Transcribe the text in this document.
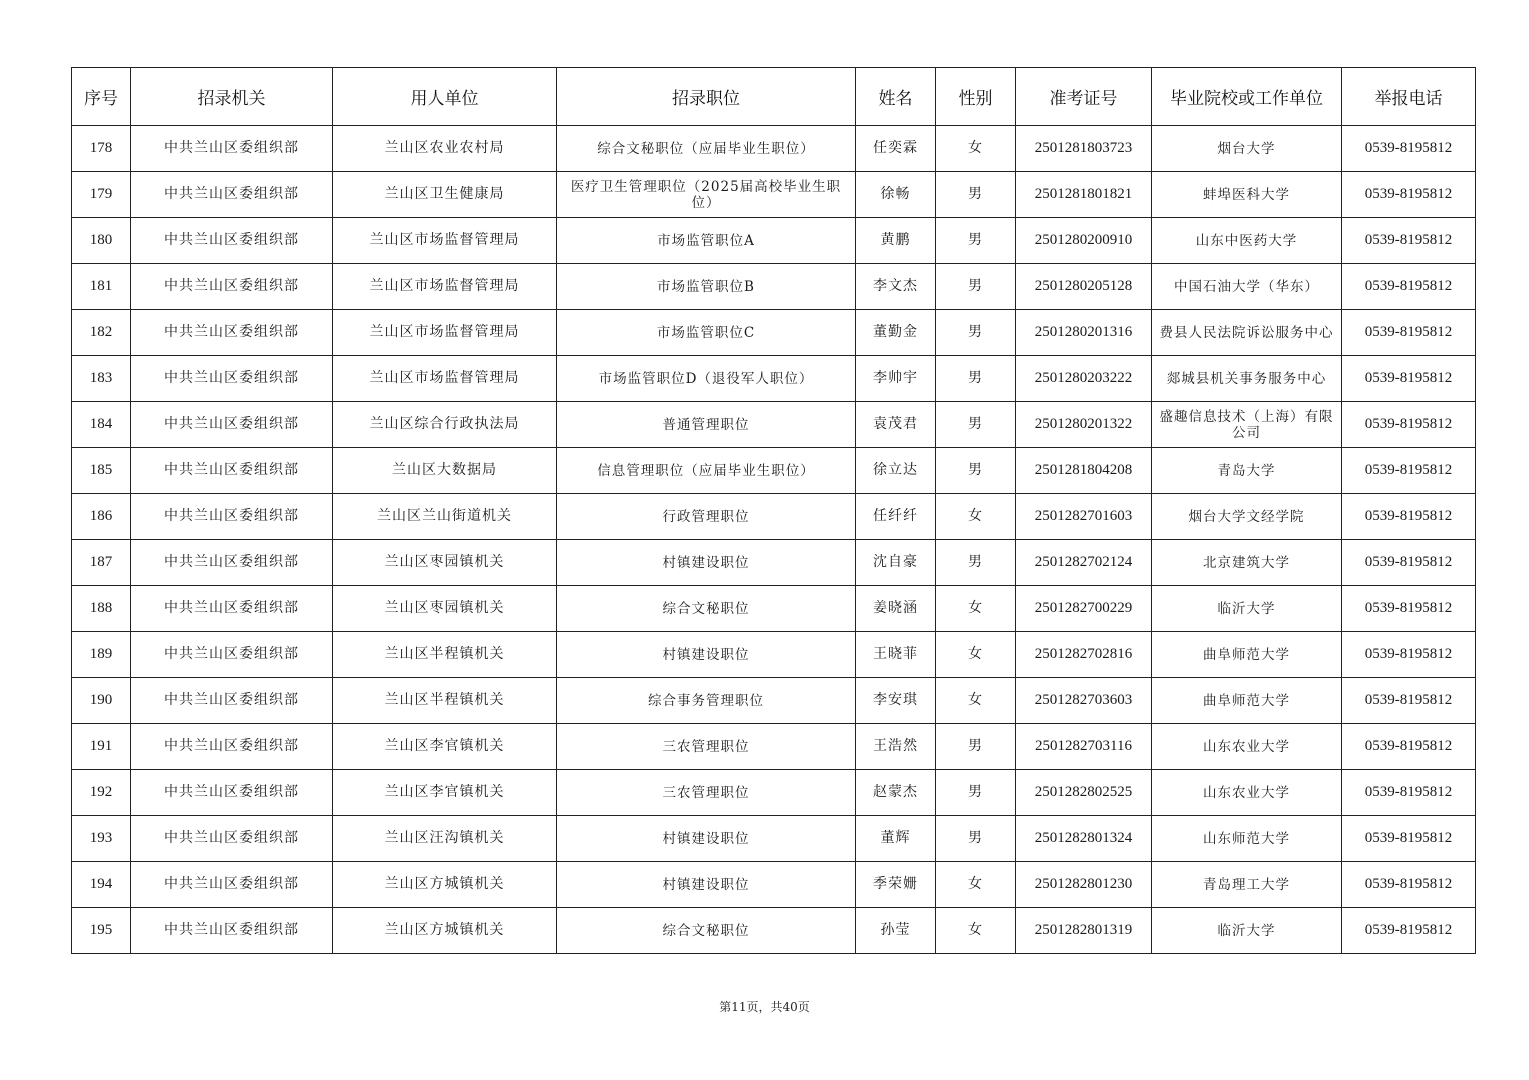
序号	招录机关	用人单位	招录职位	姓名	性别	准考证号	毕业院校或工作单位	举报电话
178	中共兰山区委组织部	兰山区农业农村局	综合文秘职位（应届毕业生职位）	任奕霖	女	2501281803723	烟台大学	0539-8195812
179	中共兰山区委组织部	兰山区卫生健康局	医疗卫生管理职位（2025届高校毕业生职位）	徐畅	男	2501281801821	蚌埠医科大学	0539-8195812
180	中共兰山区委组织部	兰山区市场监督管理局	市场监管职位A	黄鹏	男	2501280200910	山东中医药大学	0539-8195812
181	中共兰山区委组织部	兰山区市场监督管理局	市场监管职位B	李文杰	男	2501280205128	中国石油大学（华东）	0539-8195812
182	中共兰山区委组织部	兰山区市场监督管理局	市场监管职位C	董勤金	男	2501280201316	费县人民法院诉讼服务中心	0539-8195812
183	中共兰山区委组织部	兰山区市场监督管理局	市场监管职位D（退役军人职位）	李帅宇	男	2501280203222	郯城县机关事务服务中心	0539-8195812
184	中共兰山区委组织部	兰山区综合行政执法局	普通管理职位	袁茂君	男	2501280201322	盛趣信息技术（上海）有限公司	0539-8195812
185	中共兰山区委组织部	兰山区大数据局	信息管理职位（应届毕业生职位）	徐立达	男	2501281804208	青岛大学	0539-8195812
186	中共兰山区委组织部	兰山区兰山街道机关	行政管理职位	任纤纤	女	2501282701603	烟台大学文经学院	0539-8195812
187	中共兰山区委组织部	兰山区枣园镇机关	村镇建设职位	沈自豪	男	2501282702124	北京建筑大学	0539-8195812
188	中共兰山区委组织部	兰山区枣园镇机关	综合文秘职位	姜晓涵	女	2501282700229	临沂大学	0539-8195812
189	中共兰山区委组织部	兰山区半程镇机关	村镇建设职位	王晓菲	女	2501282702816	曲阜师范大学	0539-8195812
190	中共兰山区委组织部	兰山区半程镇机关	综合事务管理职位	李安琪	女	2501282703603	曲阜师范大学	0539-8195812
191	中共兰山区委组织部	兰山区李官镇机关	三农管理职位	王浩然	男	2501282703116	山东农业大学	0539-8195812
192	中共兰山区委组织部	兰山区李官镇机关	三农管理职位	赵蒙杰	男	2501282802525	山东农业大学	0539-8195812
193	中共兰山区委组织部	兰山区汪沟镇机关	村镇建设职位	董辉	男	2501282801324	山东师范大学	0539-8195812
194	中共兰山区委组织部	兰山区方城镇机关	村镇建设职位	季荣姗	女	2501282801230	青岛理工大学	0539-8195812
195	中共兰山区委组织部	兰山区方城镇机关	综合文秘职位	孙莹	女	2501282801319	临沂大学	0539-8195812
第11页，共40页
